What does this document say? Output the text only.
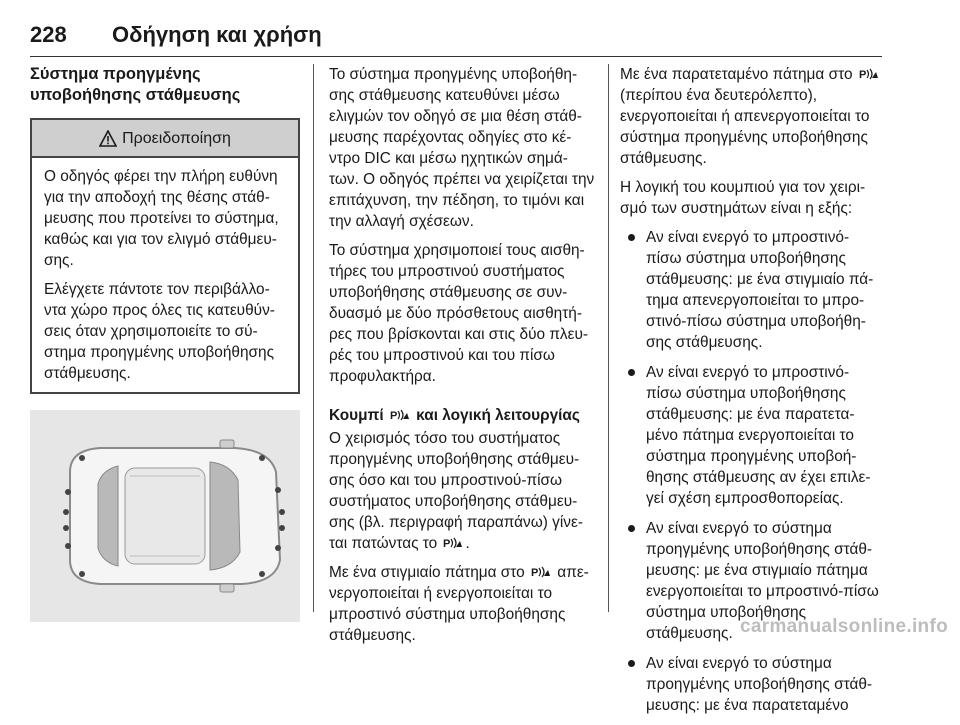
228 Οδήγηση και χρήση
Σύστημα προηγμένης
υποβοήθησης στάθμευσης
Προειδοποίηση

Ο οδηγός φέρει την πλήρη ευθύνη για την αποδοχή της θέσης στάθ-μευσης που προτείνει το σύστημα, καθώς και για τον ελιγμό στάθμευ-σης.

Ελέγχετε πάντοτε τον περιβάλλο-ντα χώρο προς όλες τις κατευθύν-σεις όταν χρησιμοποιείτε το σύ-στημα προηγμένης υποβοήθησης στάθμευσης.

Το σύστημα προηγμένης υποβοήθη-σης στάθμευσης κατευθύνει μέσω ελιγμών τον οδηγό σε μια θέση στάθ-μευσης παρέχοντας οδηγίες στο κέ-ντρο DIC και μέσω ηχητικών σημά-των. Ο οδηγός πρέπει να χειρίζεται την επιτάχυνση, την πέδηση, το τιμόνι και την αλλαγή σχέσεων.

Το σύστημα χρησιμοποιεί τους αισθη-τήρες του μπροστινού συστήματος υποβοήθησης στάθμευσης σε συν-δυασμό με δύο πρόσθετους αισθητή-ρες που βρίσκονται και στις δύο πλευ-ρές του μπροστινού και του πίσω προφυλακτήρα.

Κουμπί P και λογική λειτουργίας

Ο χειρισμός τόσο του συστήματος προηγμένης υποβοήθησης στάθμευ-σης όσο και του μπροστινού-πίσω συστήματος υποβοήθησης στάθμευ-σης (βλ. περιγραφή παραπάνω) γίνε-ται πατώντας το P .

Με ένα στιγμιαίο πάτημα στο P απε-νεργοποιείται ή ενεργοποιείται το μπροστινό σύστημα υποβοήθησης στάθμευσης.

Με ένα παρατεταμένο πάτημα στο P
(περίπου ένα δευτερόλεπτο), ενεργοποιείται ή απενεργοποιείται το σύστημα προηγμένης υποβοήθησης στάθμευσης.

Η λογική του κουμπιού για τον χειρι-σμό των συστημάτων είναι η εξής:

Αν είναι ενεργό το μπροστινό-πίσω σύστημα υποβοήθησης στάθμευσης: με ένα στιγμιαίο πά-τημα απενεργοποιείται το μπρο-στινό-πίσω σύστημα υποβοήθη-σης στάθμευσης.
Αν είναι ενεργό το μπροστινό-πίσω σύστημα υποβοήθησης στάθμευσης: με ένα παρατετα-μένο πάτημα ενεργοποιείται το σύστημα προηγμένης υποβοή-θησης στάθμευσης αν έχει επιλε-γεί σχέση εμπροσθοπορείας.
Αν είναι ενεργό το σύστημα προηγμένης υποβοήθησης στάθ-μευσης: με ένα στιγμιαίο πάτημα ενεργοποιείται το μπροστινό-πίσω σύστημα υποβοήθησης στάθμευσης.
Αν είναι ενεργό το σύστημα προηγμένης υποβοήθησης στάθ-μευσης: με ένα παρατεταμένο
carmanualsonline.info
